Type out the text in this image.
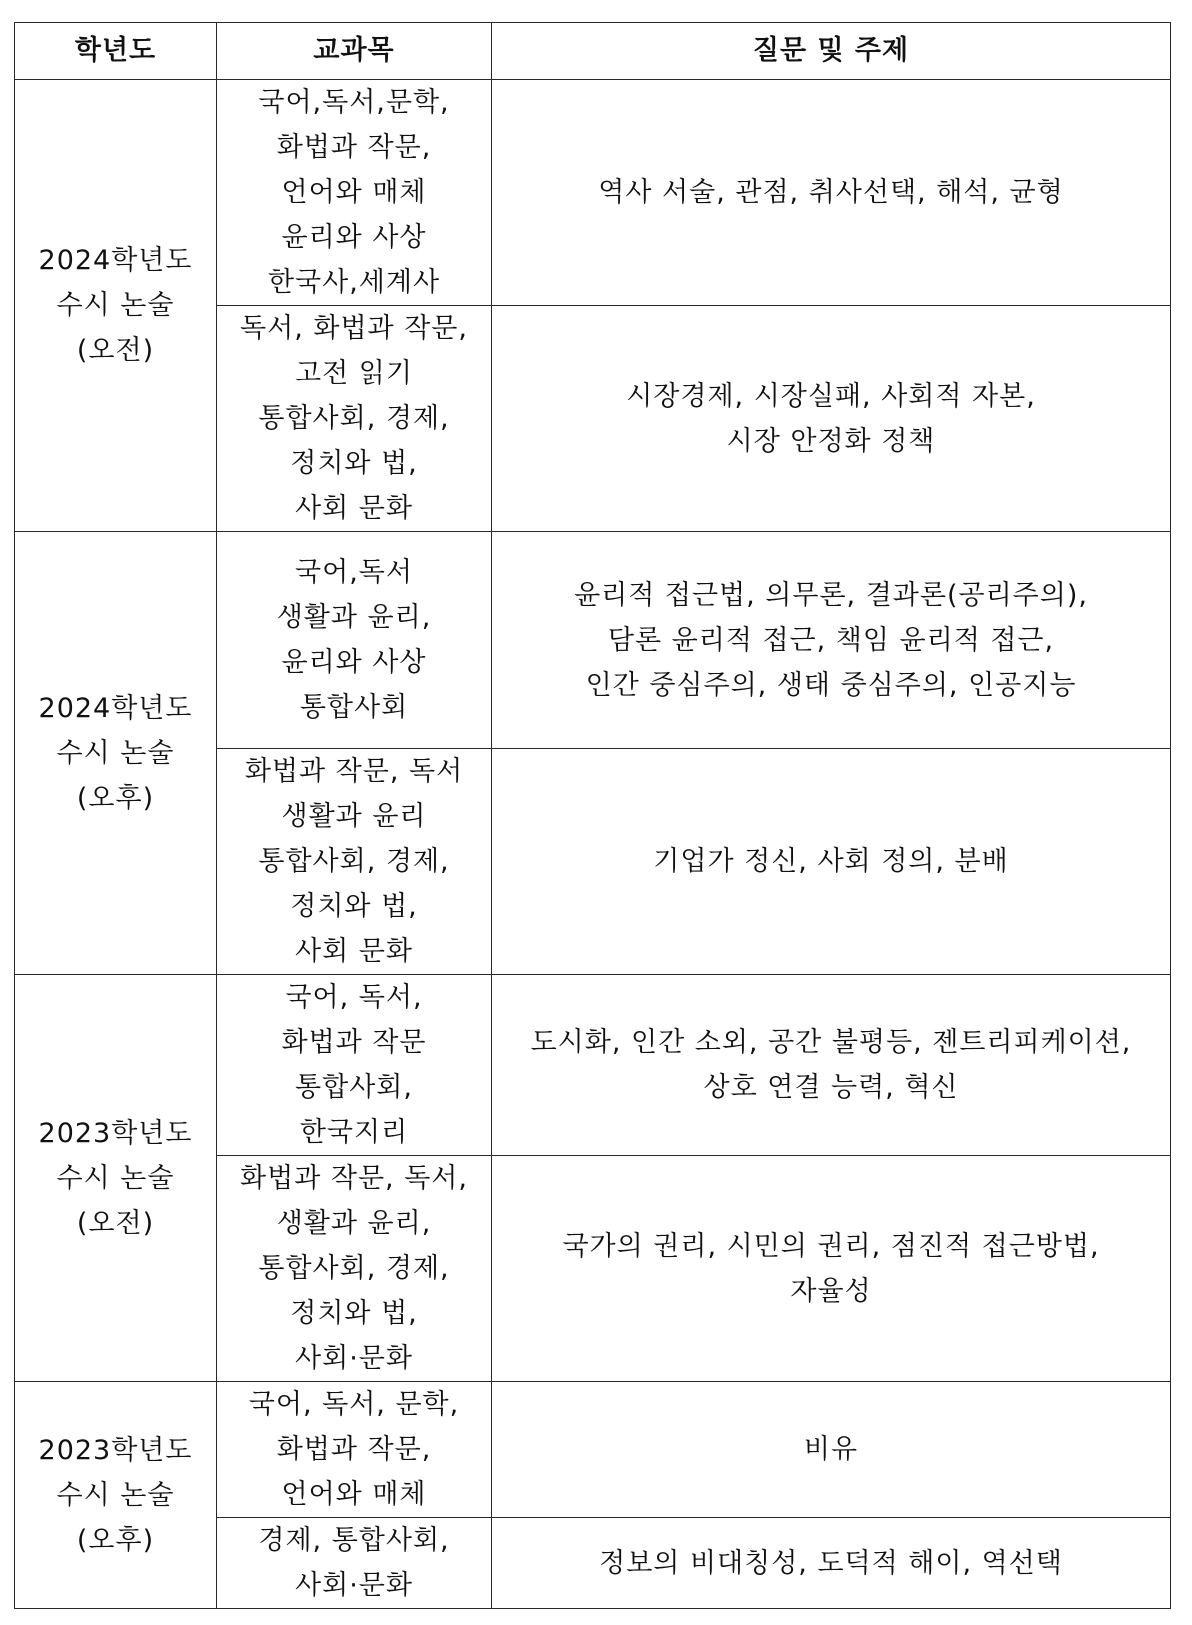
학년도	교과목	질문 및 주제

2024학년도
수시 논술
(오전)	국어,독서,문학,
화법과 작문,
언어와 매체
윤리와 사상
한국사,세계사	역사 서술, 관점, 취사선택, 해석, 균형

	독서, 화법과 작문,
고전 읽기
통합사회, 경제,
정치와 법,
사회 문화	시장경제, 시장실패, 사회적 자본,
시장 안정화 정책

2024학년도
수시 논술
(오후)	국어,독서
생활과 윤리,
윤리와 사상
통합사회	윤리적 접근법, 의무론, 결과론(공리주의),
담론 윤리적 접근, 책임 윤리적 접근,
인간 중심주의, 생태 중심주의, 인공지능

	화법과 작문, 독서
생활과 윤리
통합사회, 경제,
정치와 법,
사회 문화	기업가 정신, 사회 정의, 분배

2023학년도
수시 논술
(오전)	국어, 독서,
화법과 작문
통합사회,
한국지리	도시화, 인간 소외, 공간 불평등, 젠트리피케이션,
상호 연결 능력, 혁신

	화법과 작문, 독서,
생활과 윤리,
통합사회, 경제,
정치와 법,
사회·문화	국가의 권리, 시민의 권리, 점진적 접근방법,
자율성

2023학년도
수시 논술
(오후)	국어, 독서, 문학,
화법과 작문,
언어와 매체	비유

	경제, 통합사회,
사회·문화	정보의 비대칭성, 도덕적 해이, 역선택
